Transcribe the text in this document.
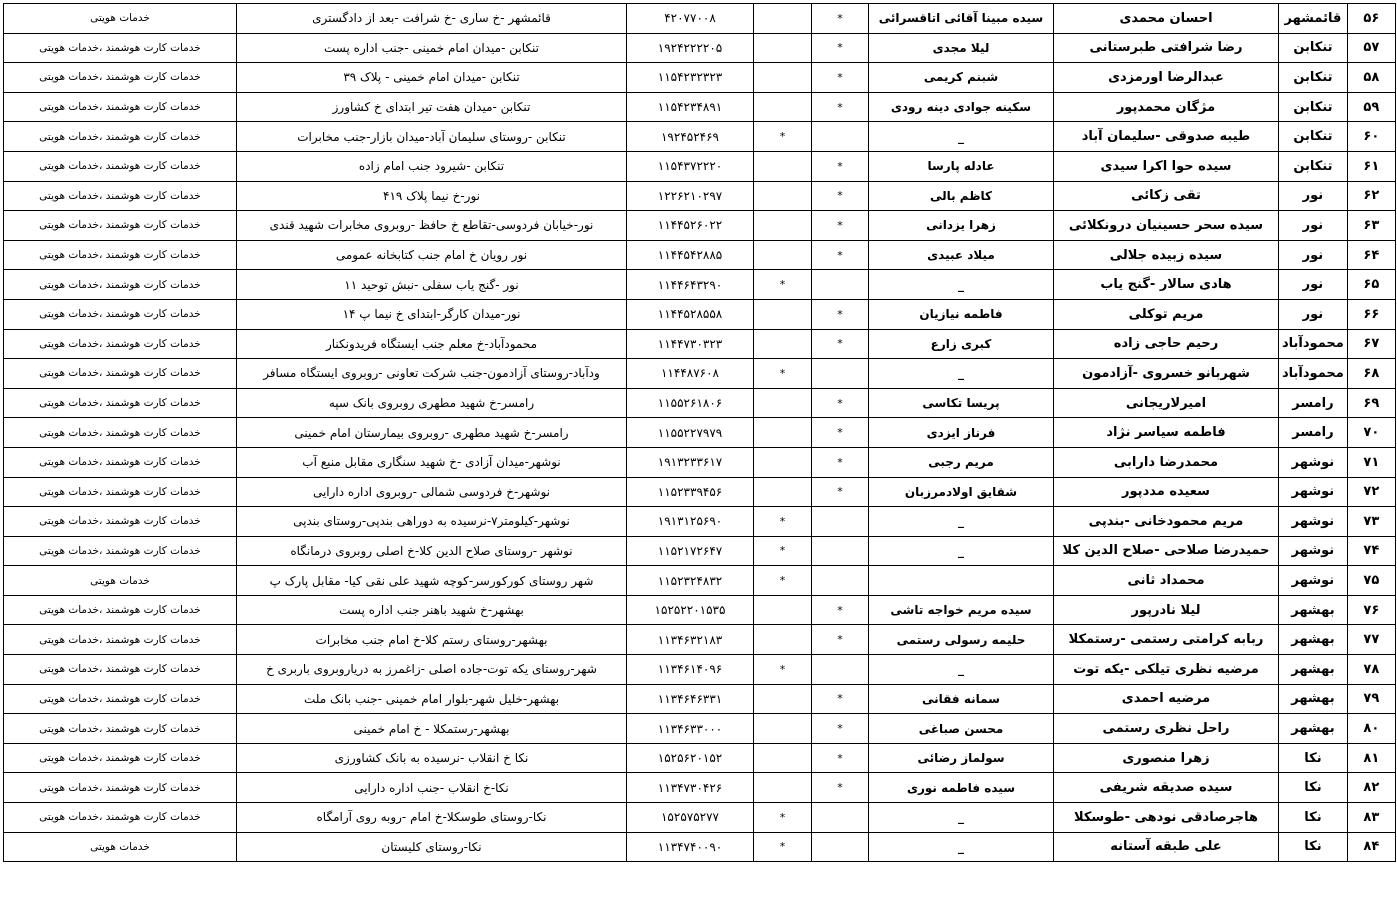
۵۶	قائمشهر	احسان محمدی	سیده مبینا آقائی اتاقسرائی	*		۴۲۰۷۷۰۰۸	قائمشهر -خ ساری -خ شرافت -بعد از دادگستری	خدمات هویتی
۵۷	تنکابن	رضا شرافتی طبرستانی	لیلا مجدی	*		۱۹۲۴۲۲۲۲۰۵	تنکابن -میدان امام خمینی -جنب اداره پست	خدمات کارت هوشمند ،خدمات هویتی
۵۸	تنکابن	عبدالرضا اورمزدی	شبنم کریمی	*		۱۱۵۴۲۳۲۳۲۳	تنکابن -میدان امام خمینی - پلاک ۳۹	خدمات کارت هوشمند ،خدمات هویتی
۵۹	تنکابن	مژگان محمدپور	سکینه جوادی دینه رودی	*		۱۱۵۴۲۳۴۸۹۱	تنکابن -میدان هفت تیر ابتدای خ کشاورز	خدمات کارت هوشمند ،خدمات هویتی
۶۰	تنکابن	طیبه صدوقی -سلیمان آباد	_		*	۱۹۲۴۵۲۴۶۹	تنکابن -روستای سلیمان آباد-میدان بازار-جنب مخابرات	خدمات کارت هوشمند ،خدمات هویتی
۶۱	تنکابن	سیده حوا اکرا سیدی	عادله پارسا	*		۱۱۵۴۳۷۲۲۲۰	تنکابن -شیرود جنب امام زاده	خدمات کارت هوشمند ،خدمات هویتی
۶۲	نور	تقی زکائی	کاظم بالی	*		۱۲۲۶۲۱۰۲۹۷	نور-خ نیما پلاک ۴۱۹	خدمات کارت هوشمند ،خدمات هویتی
۶۳	نور	سیده سحر حسینیان درونکلائی	زهرا یزدانی	*		۱۱۴۴۵۲۶۰۲۲	نور-خیابان فردوسی-تقاطع خ حافظ -روبروی مخابرات شهید قندی	خدمات کارت هوشمند ،خدمات هویتی
۶۴	نور	سیده زبیده جلالی	میلاد عبیدی	*		۱۱۴۴۵۴۲۸۸۵	نور رویان خ امام جنب کتابخانه عمومی	خدمات کارت هوشمند ،خدمات هویتی
۶۵	نور	هادی سالار -گنج یاب	_		*	۱۱۴۴۶۴۳۲۹۰	نور -گنج یاب سفلی -نبش توحید ۱۱	خدمات کارت هوشمند ،خدمات هویتی
۶۶	نور	مریم توکلی	فاطمه نیازیان	*		۱۱۴۴۵۲۸۵۵۸	نور-میدان کارگر-ابتدای خ نیما پ ۱۴	خدمات کارت هوشمند ،خدمات هویتی
۶۷	محمودآباد	رحیم حاجی زاده	کبری زارع	*		۱۱۴۴۷۳۰۳۲۳	محمودآباد-خ معلم جنب ایستگاه فریدونکنار	خدمات کارت هوشمند ،خدمات هویتی
۶۸	محمودآباد	شهربانو خسروی -آزادمون	_		*	۱۱۴۴۸۷۶۰۸	ودآباد-روستای آزادمون-جنب شرکت تعاونی -روبروی ایستگاه مسافر	خدمات کارت هوشمند ،خدمات هویتی
۶۹	رامسر	امیرلاریجانی	پریسا تکاسی	*		۱۱۵۵۲۶۱۸۰۶	رامسر-خ شهید مطهری روبروی بانک سپه	خدمات کارت هوشمند ،خدمات هویتی
۷۰	رامسر	فاطمه سیاسر نژاد	فرناز ایزدی	*		۱۱۵۵۲۲۷۹۷۹	رامسر-خ شهید مطهری -روبروی بیمارستان امام خمینی	خدمات کارت هوشمند ،خدمات هویتی
۷۱	نوشهر	محمدرضا دارابی	مریم رجبی	*		۱۹۱۳۲۳۳۶۱۷	نوشهر-میدان آزادی -خ شهید سنگاری مقابل منبع آب	خدمات کارت هوشمند ،خدمات هویتی
۷۲	نوشهر	سعیده مددپور	شقایق اولادمرزبان	*		۱۱۵۲۳۳۹۴۵۶	نوشهر-خ فردوسی شمالی -روبروی اداره دارایی	خدمات کارت هوشمند ،خدمات هویتی
۷۳	نوشهر	مریم محمودخانی -بندپی	_		*	۱۹۱۳۱۲۵۶۹۰	نوشهر-کیلومتر۷-نرسیده به دوراهی بندپی-روستای بندپی	خدمات کارت هوشمند ،خدمات هویتی
۷۴	نوشهر	حمیدرضا صلاحی -صلاح الدین کلا	_		*	۱۱۵۲۱۷۲۶۴۷	نوشهر -روستای صلاح الدین کلا-خ اصلی روبروی درمانگاه	خدمات کارت هوشمند ،خدمات هویتی
۷۵	نوشهر	محمداد ثانی			*	۱۱۵۲۳۲۴۸۳۲	شهر روستای کورکورسر-کوچه شهید علی نقی کیا- مقابل پارک پ	خدمات هویتی
۷۶	بهشهر	لیلا نادرپور	سیده مریم خواجه تاشی	*		۱۵۲۵۲۲۰۱۵۳۵	بهشهر-خ شهید باهنر جنب اداره پست	خدمات کارت هوشمند ،خدمات هویتی
۷۷	بهشهر	ربابه کرامتی رستمی -رستمکلا	حلیمه رسولی رستمی	*		۱۱۳۴۶۳۲۱۸۳	بهشهر-روستای رستم کلا-خ امام جنب مخابرات	خدمات کارت هوشمند ،خدمات هویتی
۷۸	بهشهر	مرضیه نظری تیلکی -یکه توت	_		*	۱۱۳۴۶۱۴۰۹۶	شهر-روستای یکه توت-جاده اصلی -زاغمرز به دریاروبروی باربری خ	خدمات کارت هوشمند ،خدمات هویتی
۷۹	بهشهر	مرضیه احمدی	سمانه فقانی	*		۱۱۳۴۶۴۶۳۳۱	بهشهر-خلیل شهر-بلوار امام خمینی -جنب بانک ملت	خدمات کارت هوشمند ،خدمات هویتی
۸۰	بهشهر	راحل نظری رستمی	محسن صباغی	*		۱۱۳۴۶۳۳۰۰۰	بهشهر-رستمکلا - خ امام خمینی	خدمات کارت هوشمند ،خدمات هویتی
۸۱	نکا	زهرا منصوری	سولماز رضائی	*		۱۵۲۵۶۲۰۱۵۲	نکا خ انقلاب -نرسیده به بانک کشاورزی	خدمات کارت هوشمند ،خدمات هویتی
۸۲	نکا	سیده صدیقه شریفی	سیده فاطمه نوری	*		۱۱۳۴۷۳۰۴۲۶	نکا-خ انقلاب -جنب اداره دارایی	خدمات کارت هوشمند ،خدمات هویتی
۸۳	نکا	هاجرصادقی نودهی -طوسکلا	_		*	۱۵۲۵۷۵۲۷۷	نکا-روستای طوسکلا-خ امام -روبه روی آرامگاه	خدمات کارت هوشمند ،خدمات هویتی
۸۴	نکا	علی طبقه آستانه	_		*	۱۱۳۴۷۴۰۰۹۰	نکا-روستای کلیستان	خدمات هویتی
